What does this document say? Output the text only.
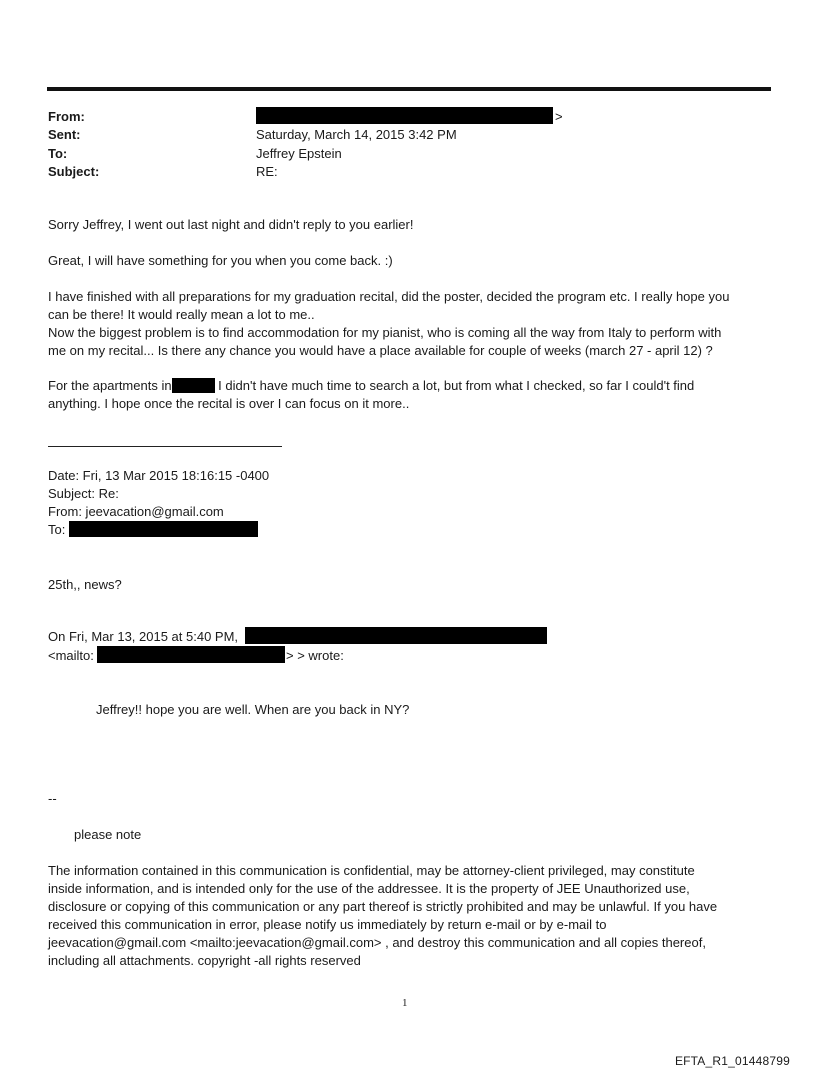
From:	>
Sent:	Saturday, March 14, 2015 3:42 PM
To:	Jeffrey Epstein
Subject:	RE:
Sorry Jeffrey, I went out last night and didn't reply to you earlier!
Great, I will have something for you when you come back. :)
I have finished with all preparations for my graduation recital, did the poster, decided the program etc. I really hope you
can be there! It would really mean a lot to me..
Now the biggest problem is to find accommodation for my pianist, who is coming all the way from Italy to perform with
me on my recital... Is there any chance you would have a place available for couple of weeks (march 27 - april 12) ?
For the apartments in	I didn't have much time to search a lot, but from what I checked, so far I could't find
anything. I hope once the recital is over I can focus on it more..
Date: Fri, 13 Mar 2015 18:16:15 -0400
Subject: Re:
From: jeevacation@gmail.com
To:
25th,, news?
On Fri, Mar 13, 2015 at 5:40 PM,
<mailto:	> > wrote:
Jeffrey!! hope you are well. When are you back in NY?
--
please note
The information contained in this communication is confidential, may be attorney-client privileged, may constitute
inside information, and is intended only for the use of the addressee. It is the property of JEE Unauthorized use,
disclosure or copying of this communication or any part thereof is strictly prohibited and may be unlawful. If you have
received this communication in error, please notify us immediately by return e-mail or by e-mail to
jeevacation@gmail.com <mailto:jeevacation@gmail.com> , and destroy this communication and all copies thereof,
including all attachments. copyright -all rights reserved
1
EFTA_R1_01448799
